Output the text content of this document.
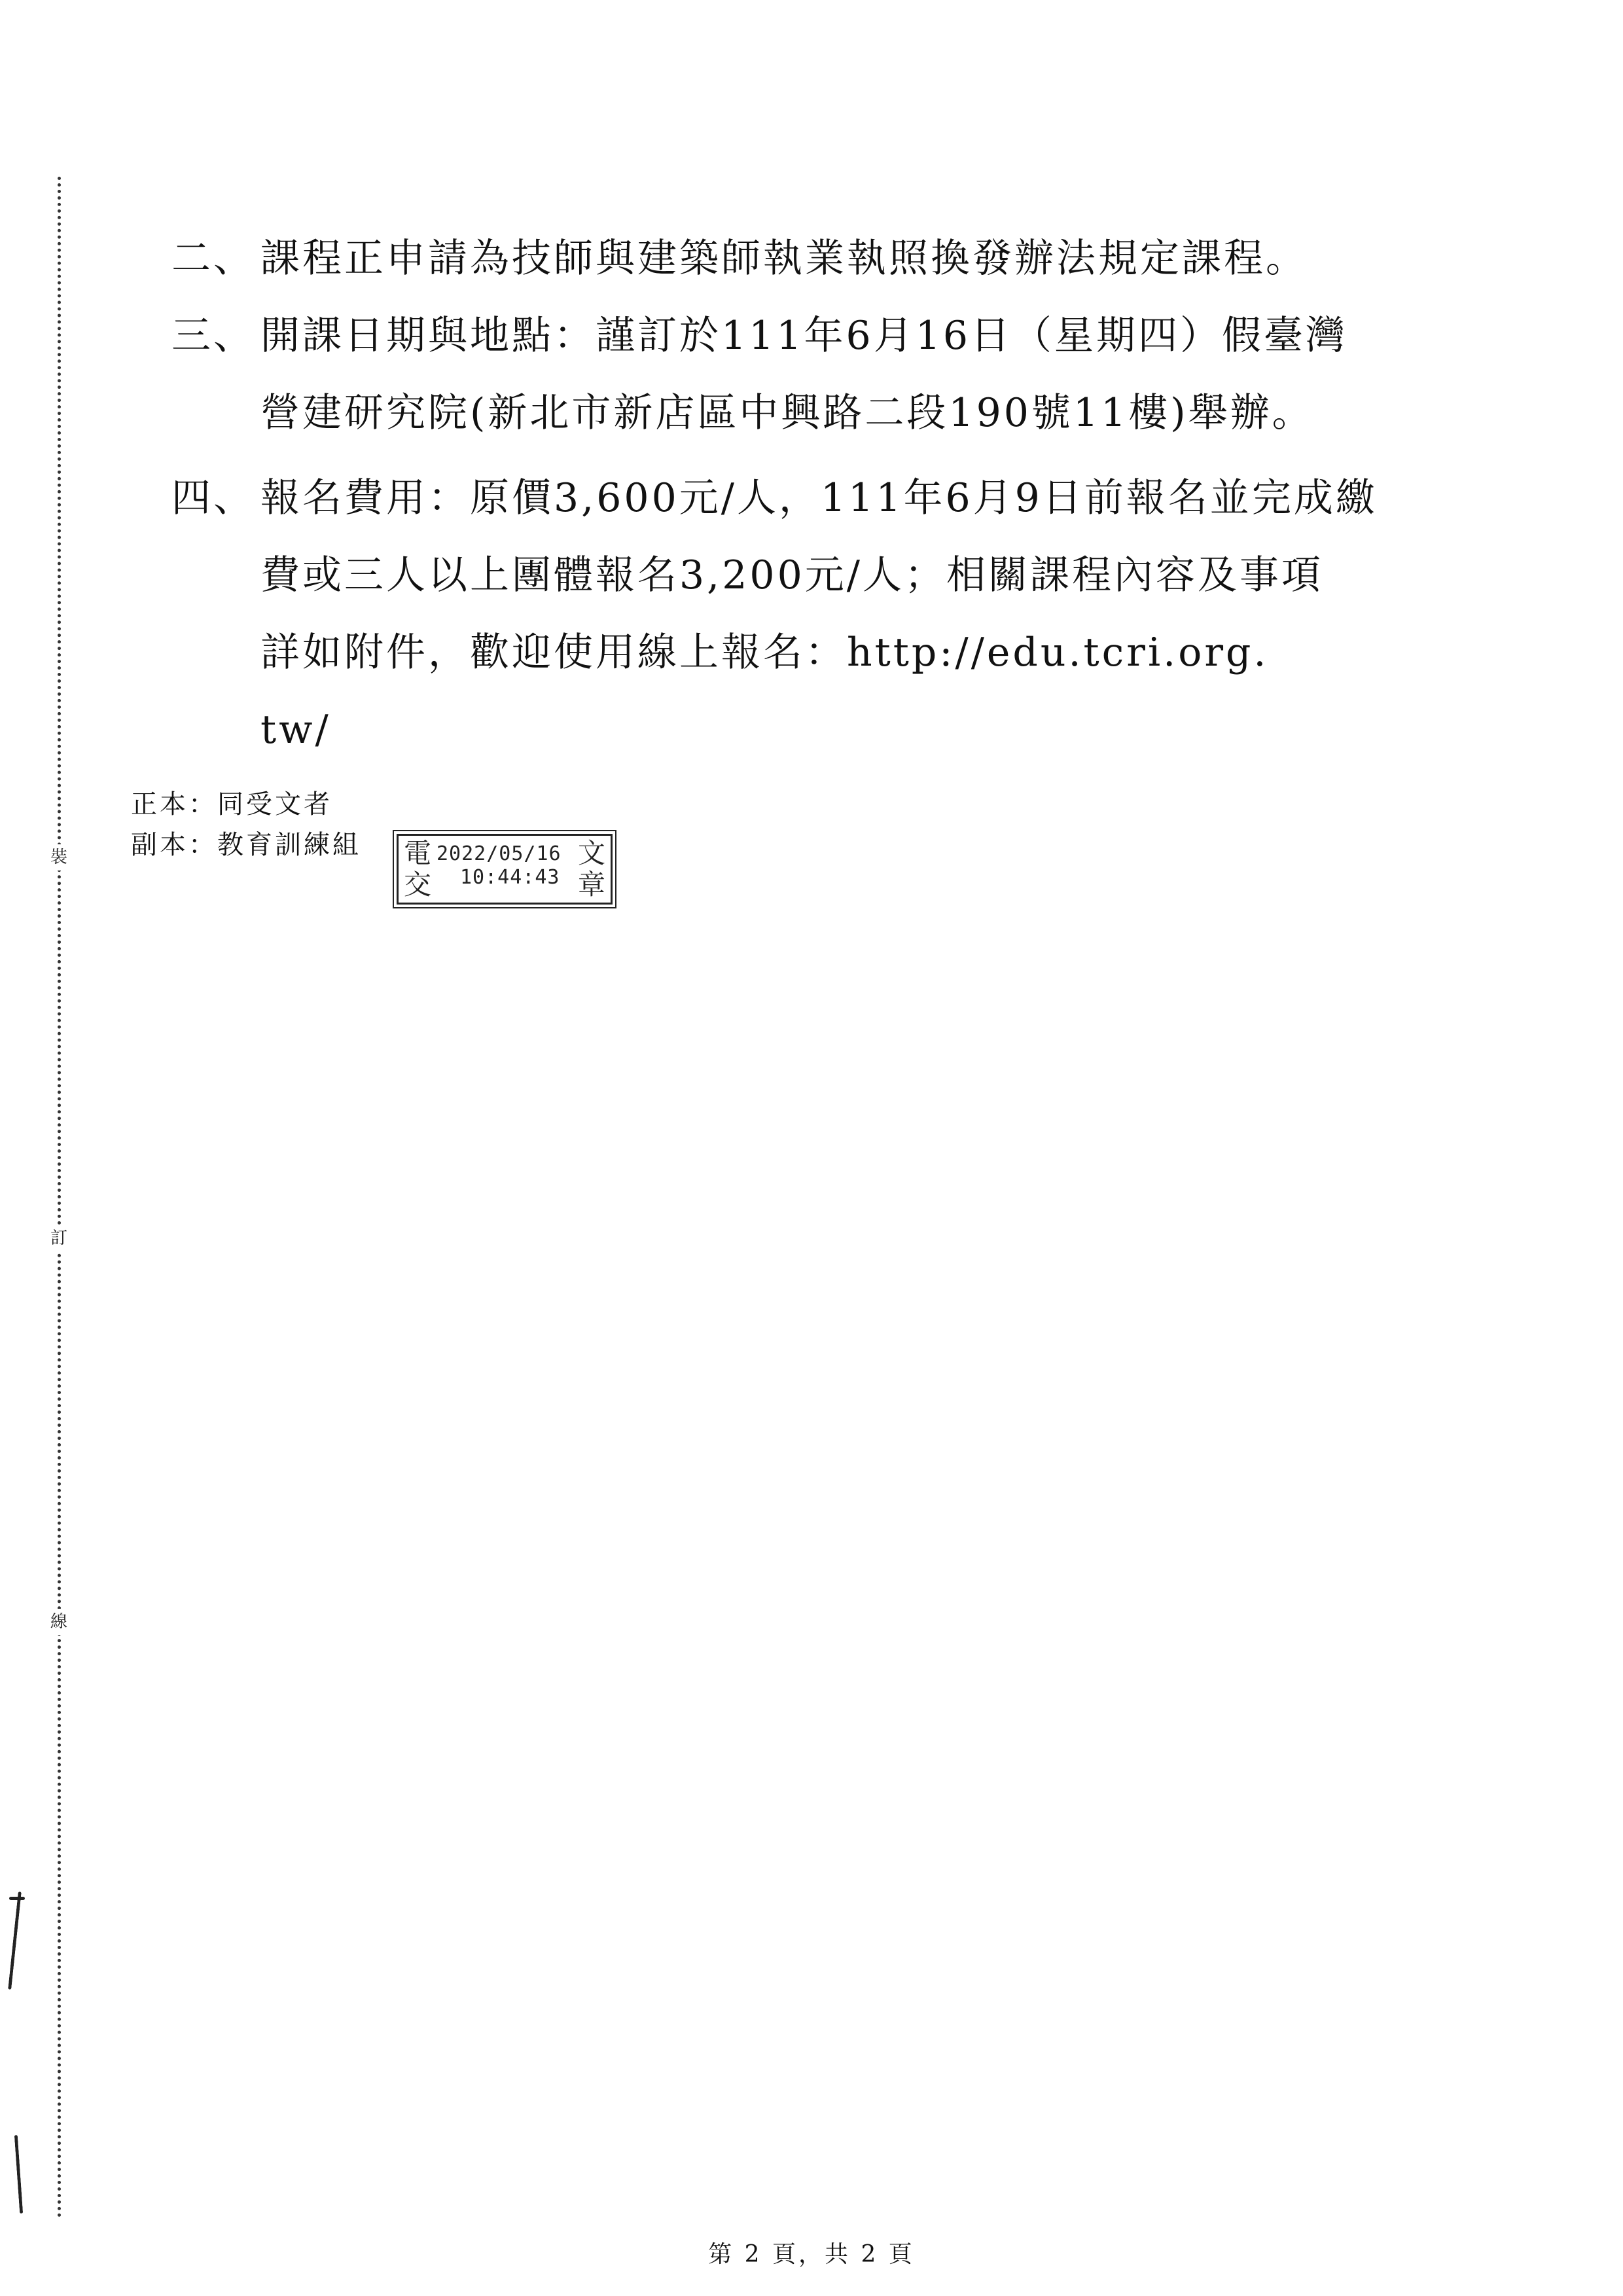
裝
訂
線
二、 課程正申請為技師與建築師執業執照換發辦法規定課程。
三、 開課日期與地點：謹訂於111年6月16日（星期四）假臺灣
營建研究院(新北市新店區中興路二段190號11樓)舉辦。
四、 報名費用：原價3,600元/人，111年6月9日前報名並完成繳
費或三人以上團體報名3,200元/人；相關課程內容及事項
詳如附件，歡迎使用線上報名：http://edu.tcri.org.
tw/
正本：同受文者
副本：教育訓練組 電
交
文
章
2022/05/16
10:44:43
第 2 頁，共 2 頁
